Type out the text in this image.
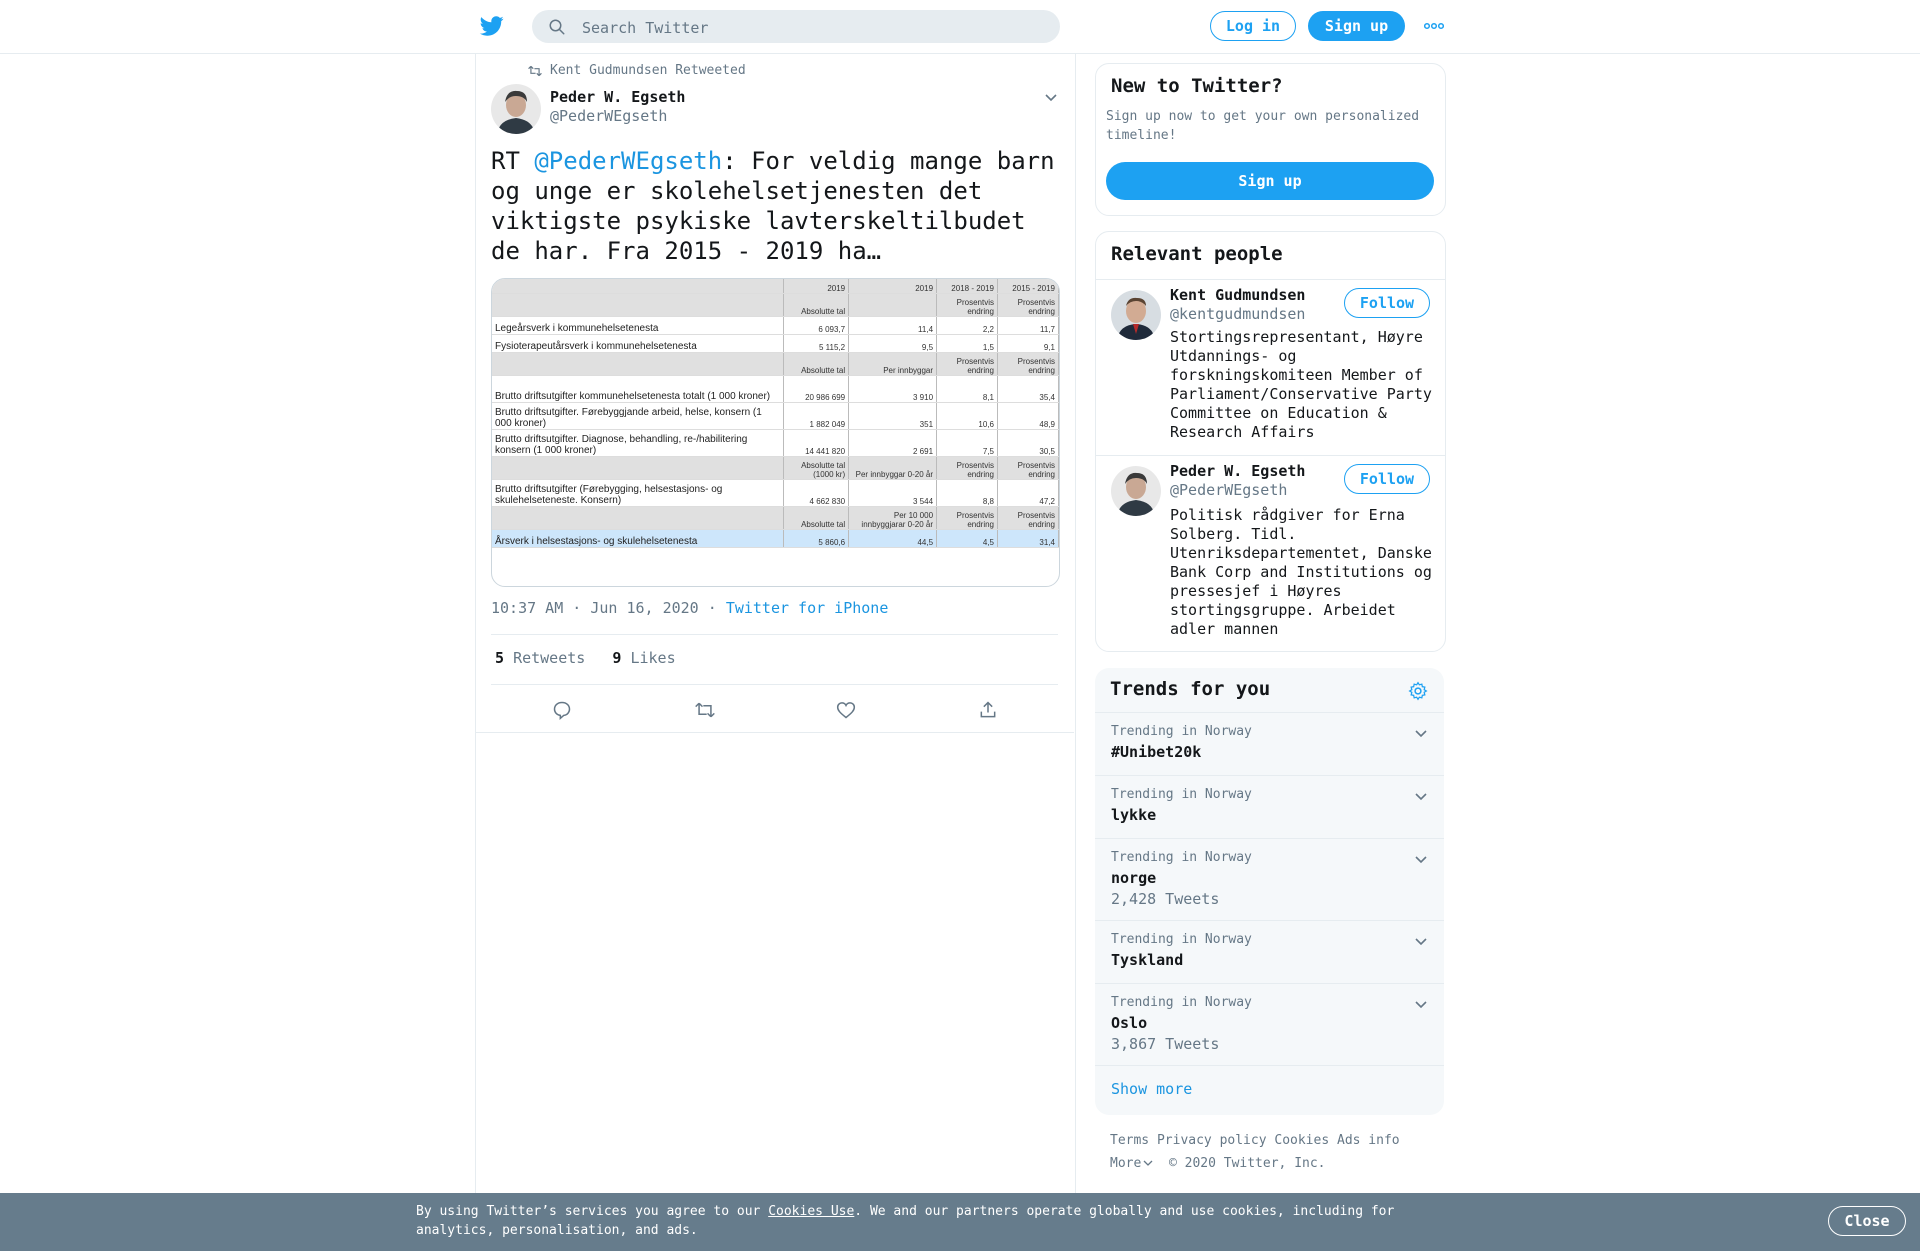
Search Twitter
Log in	Sign up
Kent Gudmundsen Retweeted
Peder W. Egseth
@PederWEgseth
RT @PederWEgseth: For veldig mange barn og unge er skolehelsetjenesten det viktigste psykiske lavterskeltilbudet de har. Fra 2015 - 2019 ha…
	2019	2019	2018 - 2019	2015 - 2019
	Absolutte tal		Prosentvis endring	Prosentvis endring
Legeårsverk i kommunehelsetenesta	6 093,7	11,4	2,2	11,7
Fysioterapeutårsverk i kommunehelsetenesta	5 115,2	9,5	1,5	9,1
	Absolutte tal	Per innbyggar	Prosentvis endring	Prosentvis endring
Brutto driftsutgifter kommunehelsetenesta totalt (1 000 kroner)	20 986 699	3 910	8,1	35,4
Brutto driftsutgifter. Førebyggjande arbeid, helse, konsern (1 000 kroner)	1 882 049	351	10,6	48,9
Brutto driftsutgifter. Diagnose, behandling, re-/habilitering konsern (1 000 kroner)	14 441 820	2 691	7,5	30,5
	Absolutte tal (1000 kr)	Per innbyggar 0-20 år	Prosentvis endring	Prosentvis endring
Brutto driftsutgifter (Førebygging, helsestasjons- og skulehelseteneste. Konsern)	4 662 830	3 544	8,8	47,2
	Absolutte tal	Per 10 000 innbyggjarar 0-20 år	Prosentvis endring	Prosentvis endring
Årsverk i helsestasjons- og skulehelsetenesta	5 860,6	44,5	4,5	31,4
10:37 AM · Jun 16, 2020 · Twitter for iPhone
5 Retweets 9 Likes
New to Twitter?
Sign up now to get your own personalized timeline!
Sign up
Relevant people
Kent Gudmundsen
@kentgudmundsen
Follow
Stortingsrepresentant, Høyre Utdannings- og forskningskomiteen Member of Parliament/Conservative Party Committee on Education & Research Affairs
Peder W. Egseth
@PederWEgseth
Follow
Politisk rådgiver for Erna Solberg. Tidl. Utenriksdepartementet, Danske Bank Corp and Institutions og pressesjef i Høyres stortingsgruppe. Arbeidet adler mannen
Trends for you
Trending in Norway
#Unibet20k
Trending in Norway
lykke
Trending in Norway
norge
2,428 Tweets
Trending in Norway
Tyskland
Trending in Norway
Oslo
3,867 Tweets
Show more
Terms Privacy policy Cookies Ads info
More © 2020 Twitter, Inc.
By using Twitter’s services you agree to our Cookies Use. We and our partners operate globally and use cookies, including for analytics, personalisation, and ads.
Close
